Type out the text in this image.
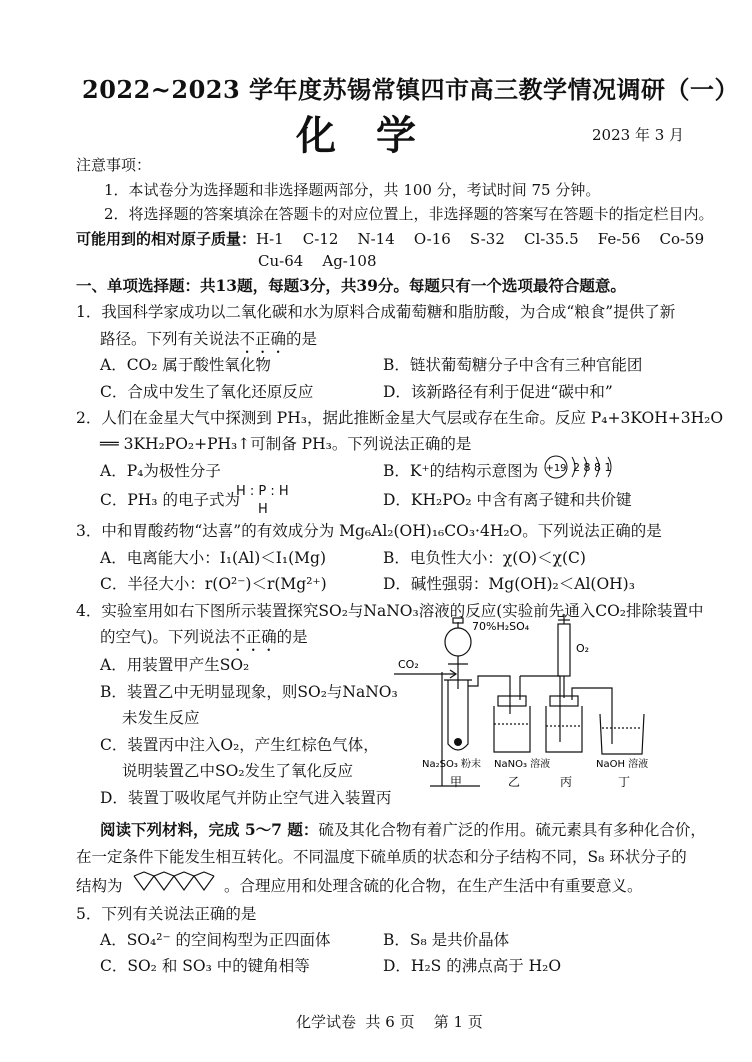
2022~2023 学年度苏锡常镇四市高三教学情况调研（一）
化学	2023 年 3 月
注意事项：
1．本试卷分为选择题和非选择题两部分，共 100 分，考试时间 75 分钟。
2．将选择题的答案填涂在答题卡的对应位置上，非选择题的答案写在答题卡的指定栏目内。
可能用到的相对原子质量：H-1    C-12    N-14    O-16    S-32    Cl-35.5    Fe-56    Co-59
Cu-64    Ag-108
一、单项选择题：共13题，每题3分，共39分。每题只有一个选项最符合题意。
1．我国科学家成功以二氧化碳和水为原料合成葡萄糖和脂肪酸，为合成“粮食”提供了新
路径。下列有关说法不正确的是
A．CO₂ 属于酸性氧化物	B．链状葡萄糖分子中含有三种官能团
C．合成中发生了氧化还原反应	D．该新路径有利于促进“碳中和”
2．人们在金星大气中探测到 PH₃，据此推断金星大气层或存在生命。反应 P₄+3KOH+3H₂O
══ 3KH₂PO₂+PH₃↑可制备 PH₃。下列说法正确的是
A．P₄为极性分子	B．K⁺的结构示意图为 +19 2 8 8 1
C．PH₃ 的电子式为
H : P : H
H
D．KH₂PO₂ 中含有离子键和共价键
3．中和胃酸药物“达喜”的有效成分为 Mg₆Al₂(OH)₁₆CO₃·4H₂O。下列说法正确的是
A．电离能大小：I₁(Al)＜I₁(Mg)	B．电负性大小：χ(O)＜χ(C)
C．半径大小：r(O²⁻)＜r(Mg²⁺)	D．碱性强弱：Mg(OH)₂＜Al(OH)₃
4．实验室用如右下图所示装置探究SO₂与NaNO₃溶液的反应(实验前先通入CO₂排除装置中
的空气)。下列说法不正确的是
A．用装置甲产生SO₂
B．装置乙中无明显现象，则SO₂与NaNO₃
未发生反应
C．装置丙中注入O₂，产生红棕色气体，
说明装置乙中SO₂发生了氧化反应
D．装置丁吸收尾气并防止空气进入装置丙
CO₂
70%H₂SO₄
O₂
Na₂SO₃ 粉末 NaNO₃ 溶液	NaOH 溶液
甲	乙	丙	丁
阅读下列材料，完成 5～7 题：硫及其化合物有着广泛的作用。硫元素具有多种化合价，
在一定条件下能发生相互转化。不同温度下硫单质的状态和分子结构不同，S₈ 环状分子的
结构为	。合理应用和处理含硫的化合物，在生产生活中有重要意义。
5．下列有关说法正确的是
A．SO₄²⁻ 的空间构型为正四面体	B．S₈ 是共价晶体
C．SO₂ 和 SO₃ 中的键角相等	D．H₂S 的沸点高于 H₂O
化学试卷  共 6 页    第 1 页
